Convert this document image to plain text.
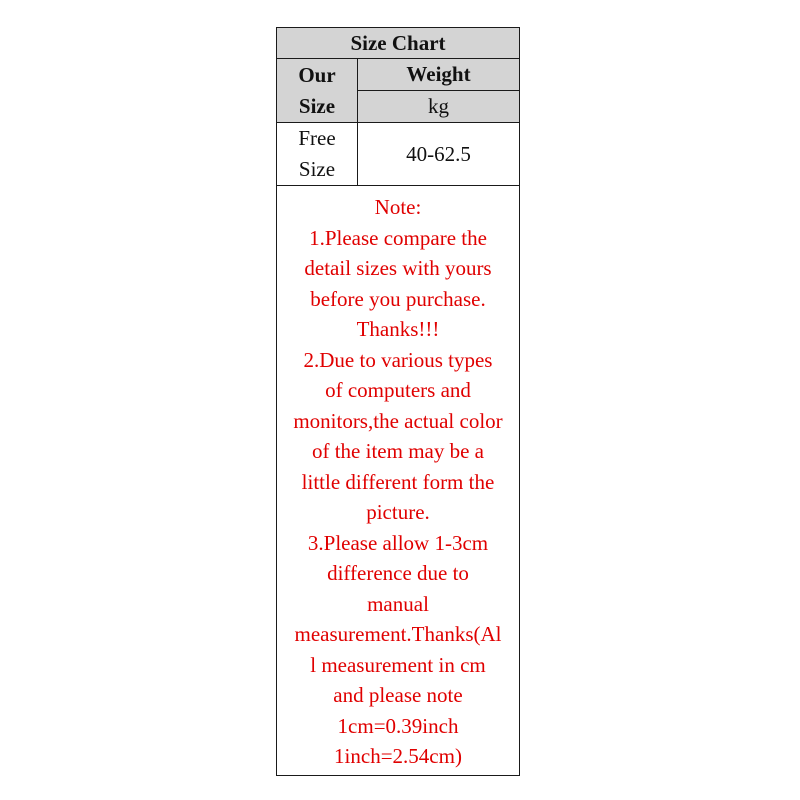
Size Chart
Our
Size
Weight
kg
Free
Size
40-62.5
Note:
1.Please compare the
detail sizes with yours
before you purchase.
Thanks!!!
2.Due to various types
of computers and
monitors,the actual color
of the item may be a
little different form the
picture.
3.Please allow 1-3cm
difference due to
manual
measurement.Thanks(Al
l measurement in cm
and please note
1cm=0.39inch
1inch=2.54cm)
